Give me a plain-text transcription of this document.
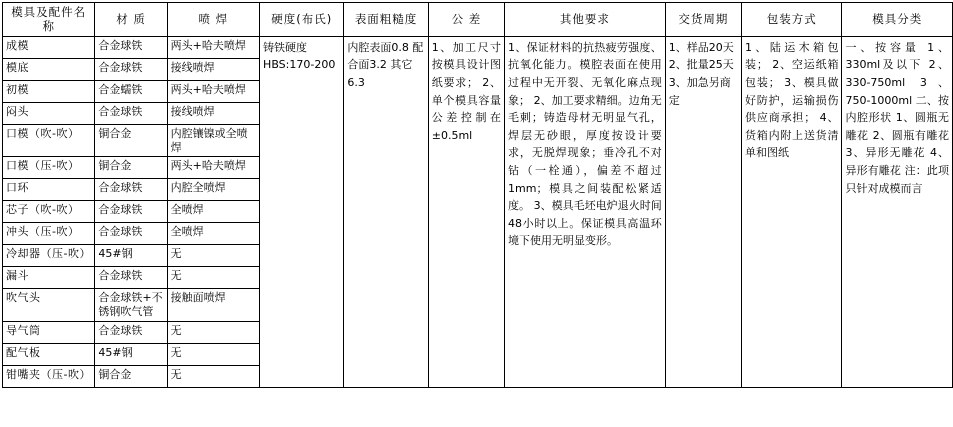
模具及配件名称	材 质	喷 焊	硬度(布氏)	表面粗糙度	公 差	其他要求	交货周期	包装方式	模具分类
成模	合金球铁	两头+哈夫喷焊	铸铁硬度HBS:170-200	内腔表面0.8 配合面3.2 其它6.3	1、加工尺寸按模具设计图纸要求； 2、单个模具容量公差控制在±0.5ml	1、保证材料的抗热疲劳强度、抗氧化能力。模腔表面在使用过程中无开裂、无氧化麻点现象； 2、加工要求精细。边角无毛刺；铸造母材无明显气孔，焊层无砂眼，厚度按设计要求，无脱焊现象；垂冷孔不对钻（一栓通），偏差不超过1mm；模具之间装配松紧适度。 3、模具毛坯电炉退火时间48小时以上。保证模具高温环境下使用无明显变形。	1、样品20天 2、批量25天 3、加急另商定	1、陆运木箱包装； 2、空运纸箱包装； 3、模具做好防护，运输损伤供应商承担； 4、货箱内附上送货清单和图纸	一、按容量 1、330ml及以下 2、330-750ml 3、750-1000ml 二、按内腔形状 1、圆瓶无雕花 2、圆瓶有雕花 3、异形无雕花 4、异形有雕花 注：此项只针对成模而言
模底	合金球铁	接线喷焊							
初模	合金蠕铁	两头+哈夫喷焊							
闷头	合金球铁	接线喷焊							
口模（吹-吹）	铜合金	内腔镶镍或全喷焊							
口模（压-吹）	铜合金	两头+哈夫喷焊							
口环	合金球铁	内腔全喷焊							
芯子（吹-吹）	合金球铁	全喷焊							
冲头（压-吹）	合金球铁	全喷焊							
冷却器（压-吹）	45#钢	无							
漏斗	合金球铁	无							
吹气头	合金球铁+不锈钢吹气管	接触面喷焊							
导气筒	合金球铁	无							
配气板	45#钢	无							
钳嘴夹（压-吹）	铜合金	无							
